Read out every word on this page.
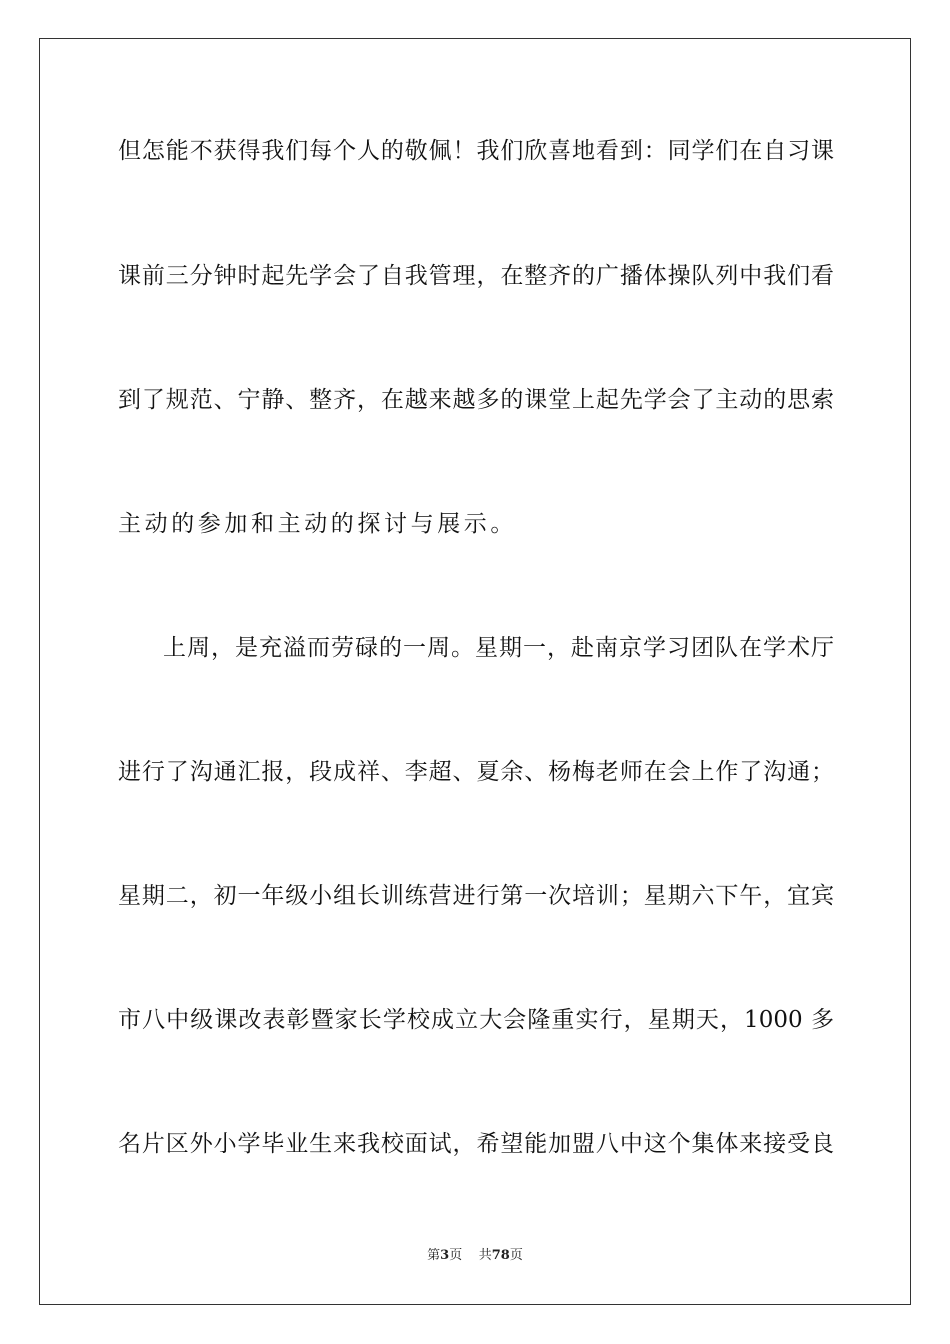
但怎能不获得我们每个人的敬佩！我们欣喜地看到：同学们在自习课
课前三分钟时起先学会了自我管理，在整齐的广播体操队列中我们看
到了规范、宁静、整齐，在越来越多的课堂上起先学会了主动的思索
主动的参加和主动的探讨与展示。
上周，是充溢而劳碌的一周。星期一，赴南京学习团队在学术厅
进行了沟通汇报，段成祥、李超、夏余、杨梅老师在会上作了沟通；
星期二，初一年级小组长训练营进行第一次培训；星期六下午，宜宾
市八中级课改表彰暨家长学校成立大会隆重实行，星期天，1000 多
名片区外小学毕业生来我校面试，希望能加盟八中这个集体来接受良
第3页 共78页
